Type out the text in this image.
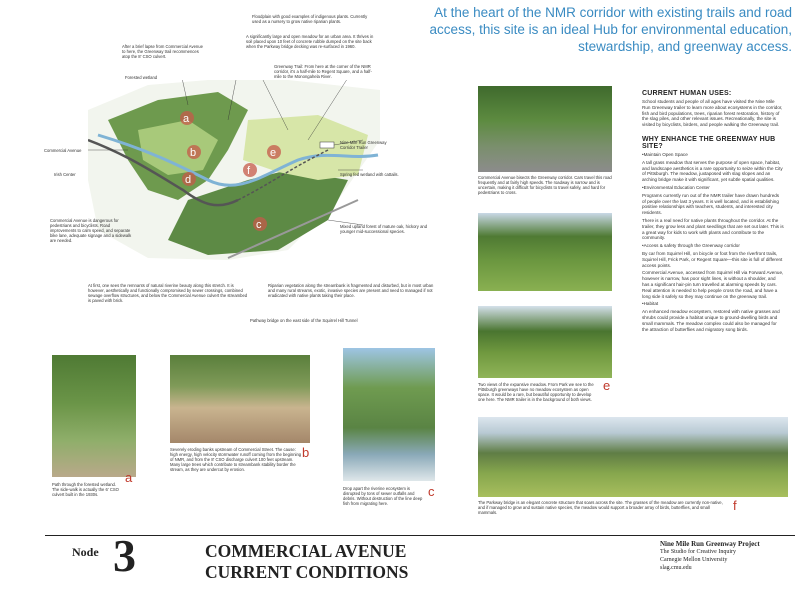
At the heart of the NMR corridor with existing trails and road access, this site is an ideal Hub for environmental education, stewardship, and greenway access.
a
b
c
d
e
f
Floodplain with good examples of indigenous plants. Currently used as a nursery to grow native riparian plants.
After a brief lapse from Commercial Avenue to here, the Greenway trail recommences atop the 8' CSO culvert.
A significantly large and open meadow for an urban area. It thrives in soil placed upon 10 feet of concrete rubble dumped on the site back when the Parkway bridge decking was re-surfaced in 1960.
Forested wetland
Greenway Trail: From here at the corner of the NMR corridor, it's a half-mile to Regent Square, and a half-mile to the Monongahela River.
Commercial Avenue
Nine Mile Run Greenway Corridor Trailer
Irish Center	Spring fed wetland with cattails.
Commercial Avenue is dangerous for pedestrians and bicyclists. Road improvements to calm speed, and separate bike lane, adequate signage and a sidewalk are needed.
Mixed upland forest of mature oak, hickory and younger mid-successional species.
At first, one sees the remnants of natural riverine beauty along this stretch. It is however, aesthetically and functionally compromised by sewer crossings, combined sewage overflow structures, and below the Commercial Avenue culvert the streambed is paved with brick.
Riparian vegetation along the streambank is fragmented and disturbed, but in most urban and many rural streams, exotic, invasive species are present and need to managed if not eradicated with native plants taking their place.
Pathway bridge on the east side of the Squirrel Hill Tunnel
Path through the forested wetland. The side-walk is actually the 6' CSO culvert built in the 1930s.
a
Severely eroding banks upstream of Commercial Street. The cause: high energy, high velocity stormwater runoff coming from the beginning of NMR, and from the 8' CSO discharge culvert 100 feet upstream. Many large trees which contribute to streambank stability border the stream, as they are undercut by erosion.
b
Drop apart the riverine ecosystem is disrupted by tons of sewer outfalls and debris. Without destruction of the line deep fish from migrating here.
c
Commercial Avenue bisects the Greenway corridor. Cars travel this road frequently and at fairly high speeds. The roadway is narrow and is uncertain, making it difficult for bicyclists to travel safely, and hard for pedestrians to cross.
Two views of the expansive meadow. From Park we see to the Pittsburgh greenways have no meadow ecosystem as open space. It would be a rare, but beautiful opportunity to develop one here. The NMR trailer is in the background of both views.
e
The Parkway bridge is an elegant concrete structure that soars across the site. The grasses of the meadow are currently non-native, and if managed to grow and sustain native species, the meadow would support a broader array of birds, butterflies, and small mammals.	f
CURRENT HUMAN USES:

School students and people of all ages have visited the Nine Mile Run Greenway trailer to learn more about ecosystems in the corridor, fish and bird populations, trees, riparian forest restoration, history of the slag piles, and other relevant issues. Recreationally, the site is visited by bicyclists, birders, and people walking the Greenway trail.

WHY ENHANCE THE GREENWAY HUB SITE?

•Maintain Open Space

A tall grass meadow that serves the purpose of open space, habitat, and landscape aesthetics is a rare opportunity to seize within the City of Pittsburgh. The meadow, juxtaposed with slag slopes and an arching bridge make it with significant, yet subtle spatial qualities.

•Environmental Education Center

Programs currently run out of the NMR trailer have drawn hundreds of people over the last 3 years. It is well located, and is establishing positive relationships with teachers, students, and interested city residents.

There is a real need for native plants throughout the corridor. At the trailer, they grow less and plant seedlings that are set out later. This is a great way for kids to work with plants and contribute to the community.

•Access & safety through the Greenway corridor

By car from Squirrel Hill, on bicycle or foot from the riverfront trails, Squirrel Hill, Frick Park, or Regent Square—this site is full of different access points.

Commercial Avenue, accessed from Squirrel Hill via Forward Avenue, however is narrow, has poor sight lines, is without a shoulder, and has a significant hair-pin turn travelled at alarming speeds by cars. Real attention is needed to help people cross the road, and have a long side it safely so they may continue on the greenway trail.

•Habitat

An enhanced meadow ecosystem, restored with native grasses and shrubs could provide a habitat unique to ground-dwelling birds and small mammals. The meadow complex could also be managed for the attraction of butterflies and migratory song birds.

Node 3	COMMERCIAL AVENUE
CURRENT CONDITIONS
Nine Mile Run Greenway Project
The Studio for Creative Inquiry
Carnegie Mellon University
slag.cmu.edu
